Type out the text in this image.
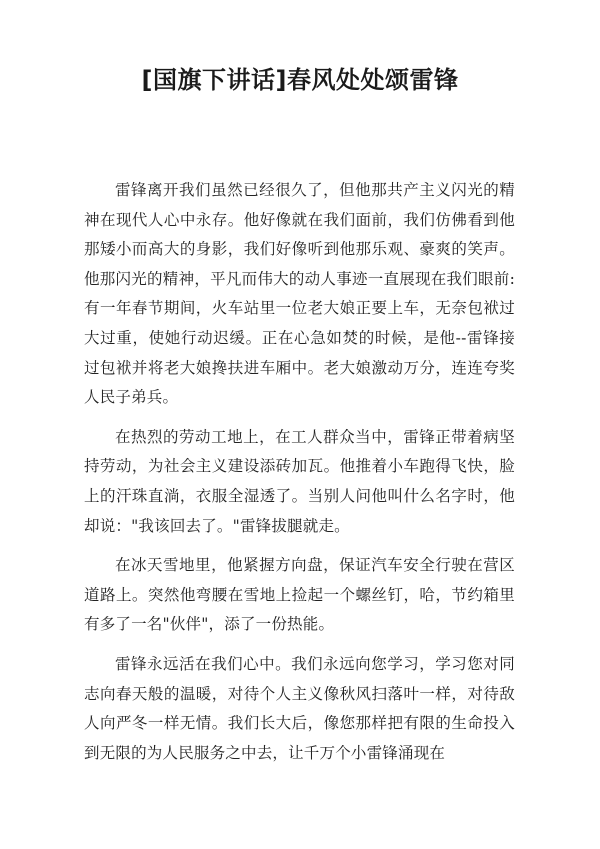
[国旗下讲话]春风处处颂雷锋

雷锋离开我们虽然已经很久了，但他那共产主义闪光的精神在现代人心中永存。他好像就在我们面前，我们仿佛看到他那矮小而高大的身影，我们好像听到他那乐观、豪爽的笑声。他那闪光的精神，平凡而伟大的动人事迹一直展现在我们眼前: 有一年春节期间，火车站里一位老大娘正要上车，无奈包袱过大过重，使她行动迟缓。正在心急如焚的时候，是他--雷锋接过包袱并将老大娘搀扶进车厢中。老大娘激动万分，连连夸奖人民子弟兵。

在热烈的劳动工地上，在工人群众当中，雷锋正带着病坚持劳动，为社会主义建设添砖加瓦。他推着小车跑得飞快，脸上的汗珠直淌，衣服全湿透了。当别人问他叫什么名字时，他却说："我该回去了。"雷锋拔腿就走。

在冰天雪地里，他紧握方向盘，保证汽车安全行驶在营区道路上。突然他弯腰在雪地上捡起一个螺丝钉，哈，节约箱里有多了一名"伙伴"，添了一份热能。

雷锋永远活在我们心中。我们永远向您学习，学习您对同志向春天般的温暖，对待个人主义像秋风扫落叶一样，对待敌人向严冬一样无情。我们长大后，像您那样把有限的生命投入到无限的为人民服务之中去，让千万个小雷锋涌现在
